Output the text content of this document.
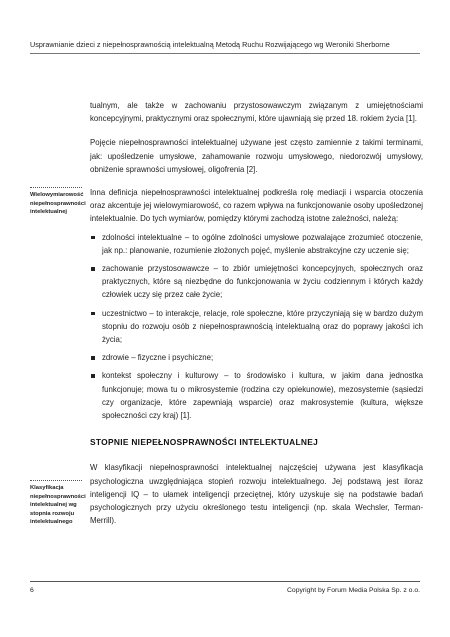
Usprawnianie dzieci z niepełnosprawnością intelektualną Metodą Ruchu Rozwijającego wg Weroniki Sherborne
Wielowymiarowość niepełnosprawności intelektualnej
Klasyfikacja niepełnosprawności intelektualnej wg stopnia rozwoju intelektualnego

tualnym, ale także w zachowaniu przystosowawczym związanym z umiejętnościami koncepcyjnymi, praktycznymi oraz społecznymi, które ujawniają się przed 18. rokiem życia [1].

Pojęcie niepełnosprawności intelektualnej używane jest często zamiennie z takimi terminami, jak: upośledzenie umysłowe, zahamowanie rozwoju umysłowego, niedorozwój umysłowy, obniżenie sprawności umysłowej, oligofrenia [2].

Inna definicja niepełnosprawności intelektualnej podkreśla rolę mediacji i wsparcia otoczenia oraz akcentuje jej wielowymiarowość, co razem wpływa na funkcjonowanie osoby upośledzonej intelektualnie. Do tych wymiarów, pomiędzy którymi zachodzą istotne zależności, należą:

zdolności intelektualne – to ogólne zdolności umysłowe pozwalające zrozumieć otoczenie, jak np.: planowanie, rozumienie złożonych pojęć, myślenie abstrakcyjne czy uczenie się;
zachowanie przystosowawcze – to zbiór umiejętności koncepcyjnych, społecznych oraz praktycznych, które są niezbędne do funkcjonowania w życiu codziennym i których każdy człowiek uczy się przez całe życie;
uczestnictwo – to interakcje, relacje, role społeczne, które przyczyniają się w bardzo dużym stopniu do rozwoju osób z niepełnosprawnością intelektualną oraz do poprawy jakości ich życia;
zdrowie – fizyczne i psychiczne;
kontekst społeczny i kulturowy – to środowisko i kultura, w jakim dana jednostka funkcjonuje; mowa tu o mikrosystemie (rodzina czy opiekunowie), mezosystemie (sąsiedzi czy organizacje, które zapewniają wsparcie) oraz makrosystemie (kultura, większe społeczności czy kraj) [1].
STOPNIE NIEPEŁNOSPRAWNOŚCI INTELEKTUALNEJ

W klasyfikacji niepełnosprawności intelektualnej najczęściej używana jest klasyfikacja psychologiczna uwzględniająca stopień rozwoju intelektualnego. Jej podstawą jest iloraz inteligencji IQ – to ułamek inteligencji przeciętnej, który uzyskuje się na podstawie badań psychologicznych przy użyciu określonego testu inteligencji (np. skala Wechsler, Terman-Merrill).

6	Copyright by Forum Media Polska Sp. z o.o.
